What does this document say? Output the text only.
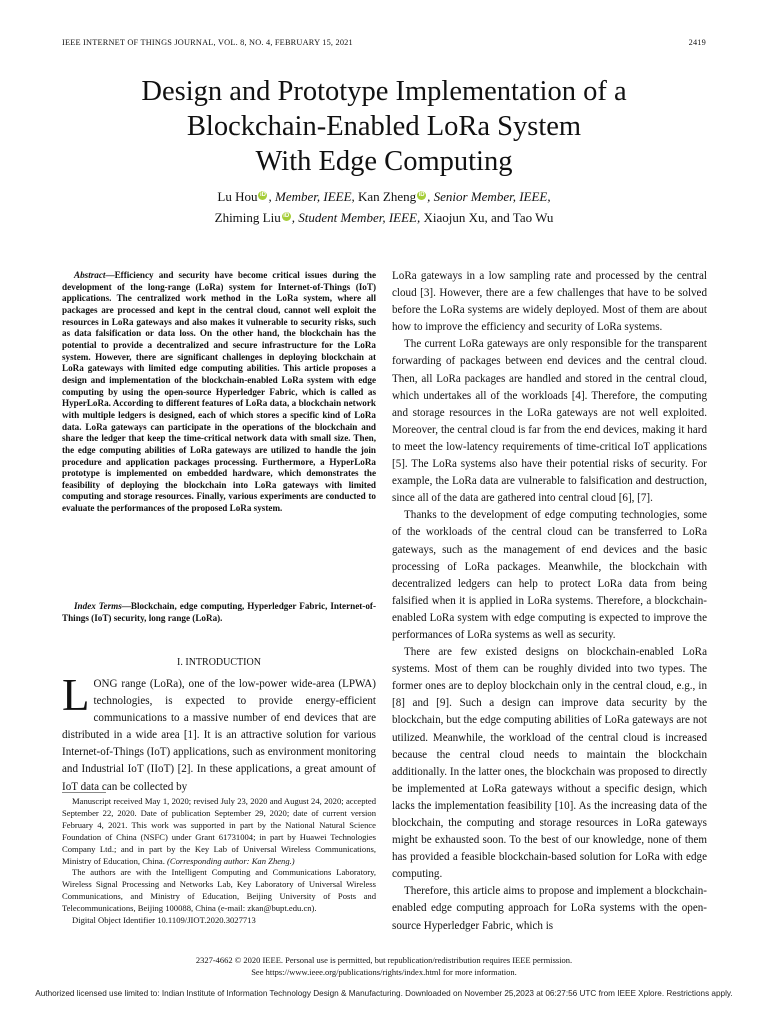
IEEE INTERNET OF THINGS JOURNAL, VOL. 8, NO. 4, FEBRUARY 15, 2021	2419
Design and Prototype Implementation of a
Blockchain-Enabled LoRa System
With Edge Computing
Lu Hou iD , Member, IEEE, Kan Zheng iD , Senior Member, IEEE,
Zhiming Liu iD , Student Member, IEEE, Xiaojun Xu, and Tao Wu

Abstract—Efficiency and security have become critical issues during the development of the long-range (LoRa) system for Internet-of-Things (IoT) applications. The centralized work method in the LoRa system, where all packages are processed and kept in the central cloud, cannot well exploit the resources in LoRa gateways and also makes it vulnerable to security risks, such as data falsification or data loss. On the other hand, the blockchain has the potential to provide a decentralized and secure infrastructure for the LoRa system. However, there are significant challenges in deploying blockchain at LoRa gateways with limited edge computing abilities. This article proposes a design and implementation of the blockchain-enabled LoRa system with edge computing by using the open-source Hyperledger Fabric, which is called as HyperLoRa. According to different features of LoRa data, a blockchain network with multiple ledgers is designed, each of which stores a specific kind of LoRa data. LoRa gateways can participate in the operations of the blockchain and share the ledger that keep the time-critical network data with small size. Then, the edge computing abilities of LoRa gateways are utilized to handle the join procedure and application packages processing. Furthermore, a HyperLoRa prototype is implemented on embedded hardware, which demonstrates the feasibility of deploying the blockchain into LoRa gateways with limited computing and storage resources. Finally, various experiments are conducted to evaluate the performances of the proposed LoRa system.

Index Terms—Blockchain, edge computing, Hyperledger Fabric, Internet-of-Things (IoT) security, long range (LoRa).

I. INTRODUCTION

LONG range (LoRa), one of the low-power wide-area (LPWA) technologies, is expected to provide energy-efficient communications to a massive number of end devices that are distributed in a wide area [1]. It is an attractive solution for various Internet-of-Things (IoT) applications, such as environment monitoring and Industrial IoT (IIoT) [2]. In these applications, a great amount of IoT data can be collected by

Manuscript received May 1, 2020; revised July 23, 2020 and August 24, 2020; accepted September 22, 2020. Date of publication September 29, 2020; date of current version February 4, 2021. This work was supported in part by the National Natural Science Foundation of China (NSFC) under Grant 61731004; in part by Huawei Technologies Company Ltd.; and in part by the Key Lab of Universal Wireless Communications, Ministry of Education, China. (Corresponding author: Kan Zheng.)

The authors are with the Intelligent Computing and Communications Laboratory, Wireless Signal Processing and Networks Lab, Key Laboratory of Universal Wireless Communications, and Ministry of Education, Beijing University of Posts and Telecommunications, Beijing 100088, China (e-mail: zkan@bupt.edu.cn).

Digital Object Identifier 10.1109/JIOT.2020.3027713

LoRa gateways in a low sampling rate and processed by the central cloud [3]. However, there are a few challenges that have to be solved before the LoRa systems are widely deployed. Most of them are about how to improve the efficiency and security of LoRa systems.

The current LoRa gateways are only responsible for the transparent forwarding of packages between end devices and the central cloud. Then, all LoRa packages are handled and stored in the central cloud, which undertakes all of the workloads [4]. Therefore, the computing and storage resources in the LoRa gateways are not well exploited. Moreover, the central cloud is far from the end devices, making it hard to meet the low-latency requirements of time-critical IoT applications [5]. The LoRa systems also have their potential risks of security. For example, the LoRa data are vulnerable to falsification and destruction, since all of the data are gathered into central cloud [6], [7].

Thanks to the development of edge computing technologies, some of the workloads of the central cloud can be transferred to LoRa gateways, such as the management of end devices and the basic processing of LoRa packages. Meanwhile, the blockchain with decentralized ledgers can help to protect LoRa data from being falsified when it is applied in LoRa systems. Therefore, a blockchain-enabled LoRa system with edge computing is expected to improve the performances of LoRa systems as well as security.

There are few existed designs on blockchain-enabled LoRa systems. Most of them can be roughly divided into two types. The former ones are to deploy blockchain only in the central cloud, e.g., in [8] and [9]. Such a design can improve data security by the blockchain, but the edge computing abilities of LoRa gateways are not utilized. Meanwhile, the workload of the central cloud is increased because the central cloud needs to maintain the blockchain additionally. In the latter ones, the blockchain was proposed to directly be implemented at LoRa gateways without a specific design, which lacks the implementation feasibility [10]. As the increasing data of the blockchain, the computing and storage resources in LoRa gateways might be exhausted soon. To the best of our knowledge, none of them has provided a feasible blockchain-based solution for LoRa with edge computing.

Therefore, this article aims to propose and implement a blockchain-enabled edge computing approach for LoRa systems with the open-source Hyperledger Fabric, which is

2327-4662 © 2020 IEEE. Personal use is permitted, but republication/redistribution requires IEEE permission.
See https://www.ieee.org/publications/rights/index.html for more information.
Authorized licensed use limited to: Indian Institute of Information Technology Design & Manufacturing. Downloaded on November 25,2023 at 06:27:56 UTC from IEEE Xplore. Restrictions apply.
